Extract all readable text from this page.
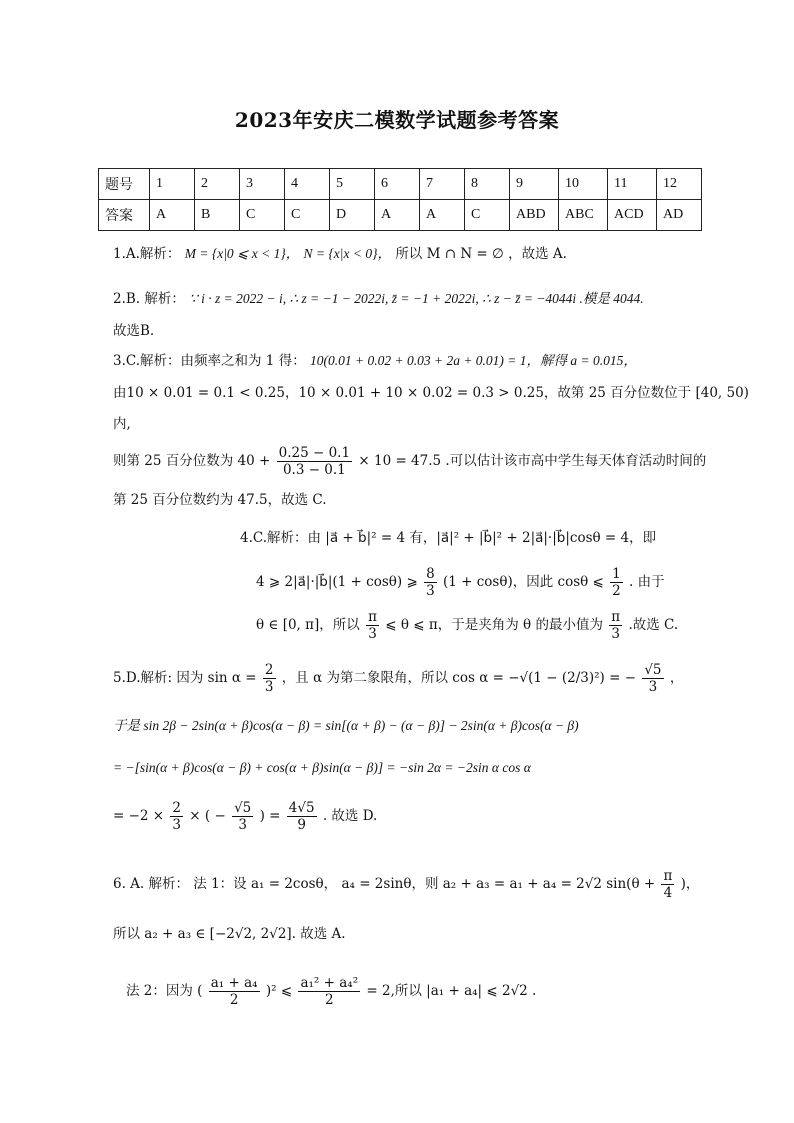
2023年安庆二模数学试题参考答案
题号	1	2	3	4	5	6	7	8	9	10	11	12
答案	A	B	C	C	D	A	A	C	ABD	ABC	ACD	AD
1.A.解析： M = {x|0 ⩽ x < 1}， N = {x|x < 0}， 所以 M ∩ N = ∅ ，故选 A.
2.B. 解析： ∵ i · z = 2022 − i, ∴ z = −1 − 2022i, z̄ = −1 + 2022i, ∴ z − z̄ = −4044i .模是 4044.
故选B.
3.C.解析：由频率之和为 1 得： 10(0.01 + 0.02 + 0.03 + 2a + 0.01) = 1，解得 a = 0.015，
由10 × 0.01 = 0.1 < 0.25，10 × 0.01 + 10 × 0.02 = 0.3 > 0.25，故第 25 百分位数位于 [40, 50)
内,
则第 25 百分位数为 $40 + \frac{0.25 - 0.1}{0.3 - 0.1} \times 10 = 47.5$ .可以估计该市高中学生每天体育活动时间的
第 25 百分位数约为 47.5，故选 C.
4.C.解析：由 |a⃗ + b⃗|² = 4 有，|a⃗|² + |b⃗|² + 2|a⃗|·|b⃗|cosθ = 4，即
4 ⩾ 2|a⃗|·|b⃗|(1 + cosθ) ⩾ $\frac{8}{3} (1 + \cos\theta)$，因此 cosθ ⩽ $\frac{1}{2}$ . 由于
θ ∈ [0, π]，所以 $\frac{\pi}{3}$ ⩽ θ ⩽ π，于是夹角为 θ 的最小值为 $\frac{\pi}{3}$ .故选 C.
5.D.解析: 因为 $\sin \alpha = \frac{2}{3}$ ，且 α 为第二象限角，所以 cos α = −√(1 − (2/3)²) = − $\frac{√5}{3}$ ，
于是 sin 2β − 2sin(α + β)cos(α − β) = sin[(α + β) − (α − β)] − 2sin(α + β)cos(α − β)
= −[sin(α + β)cos(α − β) + cos(α + β)sin(α − β)] = −sin 2α = −2sin α cos α
= $-2 \times \frac{2}{3}$ × ( − $\frac{√5}{3}$ ) = $\frac{4√5}{9}$ . 故选 D.
6. A. 解析： 法 1：设 a₁ = 2cosθ， a₄ = 2sinθ，则 a₂ + a₃ = a₁ + a₄ = 2√2 $\sin(\theta + \frac{\pi}{4}$ )，
所以 a₂ + a₃ ∈ [−2√2, 2√2]. 故选 A.
法 2：因为 ( $\frac{\text{a₁ + a₄}}{2} )^2$ ⩽ $\frac{\text{a₁² + a₄²}}{2} = 2$,所以 |a₁ + a₄| ⩽ 2√2 .
